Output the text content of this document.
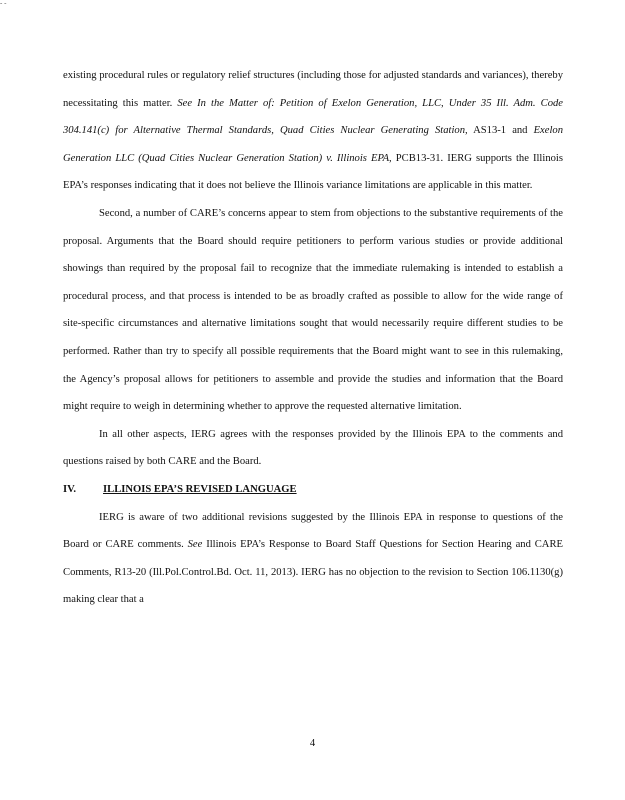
- -

existing procedural rules or regulatory relief structures (including those for adjusted standards and variances), thereby necessitating this matter. See In the Matter of: Petition of Exelon Generation, LLC, Under 35 Ill. Adm. Code 304.141(c) for Alternative Thermal Standards, Quad Cities Nuclear Generating Station, AS13-1 and Exelon Generation LLC (Quad Cities Nuclear Generation Station) v. Illinois EPA, PCB13-31. IERG supports the Illinois EPA’s responses indicating that it does not believe the Illinois variance limitations are applicable in this matter.

Second, a number of CARE’s concerns appear to stem from objections to the substantive requirements of the proposal. Arguments that the Board should require petitioners to perform various studies or provide additional showings than required by the proposal fail to recognize that the immediate rulemaking is intended to establish a procedural process, and that process is intended to be as broadly crafted as possible to allow for the wide range of site-specific circumstances and alternative limitations sought that would necessarily require different studies to be performed. Rather than try to specify all possible requirements that the Board might want to see in this rulemaking, the Agency’s proposal allows for petitioners to assemble and provide the studies and information that the Board might require to weigh in determining whether to approve the requested alternative limitation.

In all other aspects, IERG agrees with the responses provided by the Illinois EPA to the comments and questions raised by both CARE and the Board.

IV.	ILLINOIS EPA’S REVISED LANGUAGE

IERG is aware of two additional revisions suggested by the Illinois EPA in response to questions of the Board or CARE comments. See Illinois EPA’s Response to Board Staff Questions for Section Hearing and CARE Comments, R13-20 (Ill.Pol.Control.Bd. Oct. 11, 2013). IERG has no objection to the revision to Section 106.1130(g) making clear that a

4
